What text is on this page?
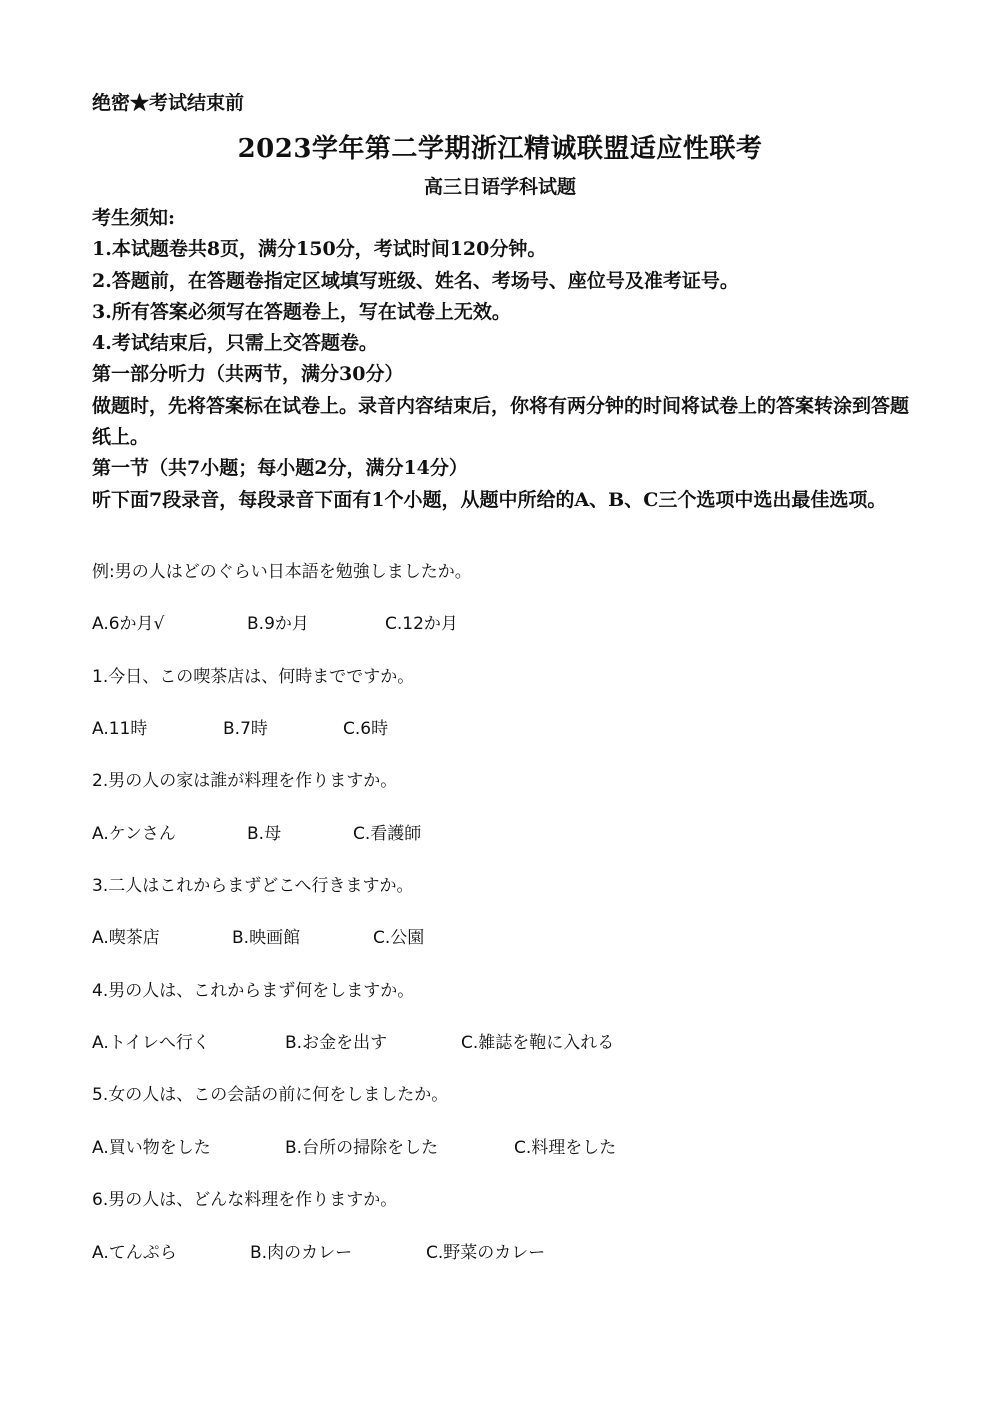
绝密★考试结束前
2023学年第二学期浙江精诚联盟适应性联考
高三日语学科试题
考生须知:
1.本试题卷共8页，满分150分，考试时间120分钟。
2.答题前，在答题卷指定区域填写班级、姓名、考场号、座位号及准考证号。
3.所有答案必须写在答题卷上，写在试卷上无效。
4.考试结束后，只需上交答题卷。
第一部分听力（共两节，满分30分）
做题时，先将答案标在试卷上。录音内容结束后，你将有两分钟的时间将试卷上的答案转涂到答题纸上。
第一节（共7小题；每小题2分，满分14分）
听下面7段录音，每段录音下面有1个小题，从题中所给的A、B、C三个选项中选出最佳选项。
例:男の人はどのぐらい日本語を勉強しましたか。
A.6か月√	B.9か月	C.12か月
1.今日、この喫茶店は、何時までですか。
A.11時	B.7時	C.6時
2.男の人の家は誰が料理を作りますか。
A.ケンさん	B.母	C.看護師
3.二人はこれからまずどこへ行きますか。
A.喫茶店	B.映画館	C.公園
4.男の人は、これからまず何をしますか。
A.トイレへ行く	B.お金を出す	C.雑誌を鞄に入れる
5.女の人は、この会話の前に何をしましたか。
A.買い物をした	B.台所の掃除をした	C.料理をした
6.男の人は、どんな料理を作りますか。
A.てんぷら	B.肉のカレー	C.野菜のカレー
